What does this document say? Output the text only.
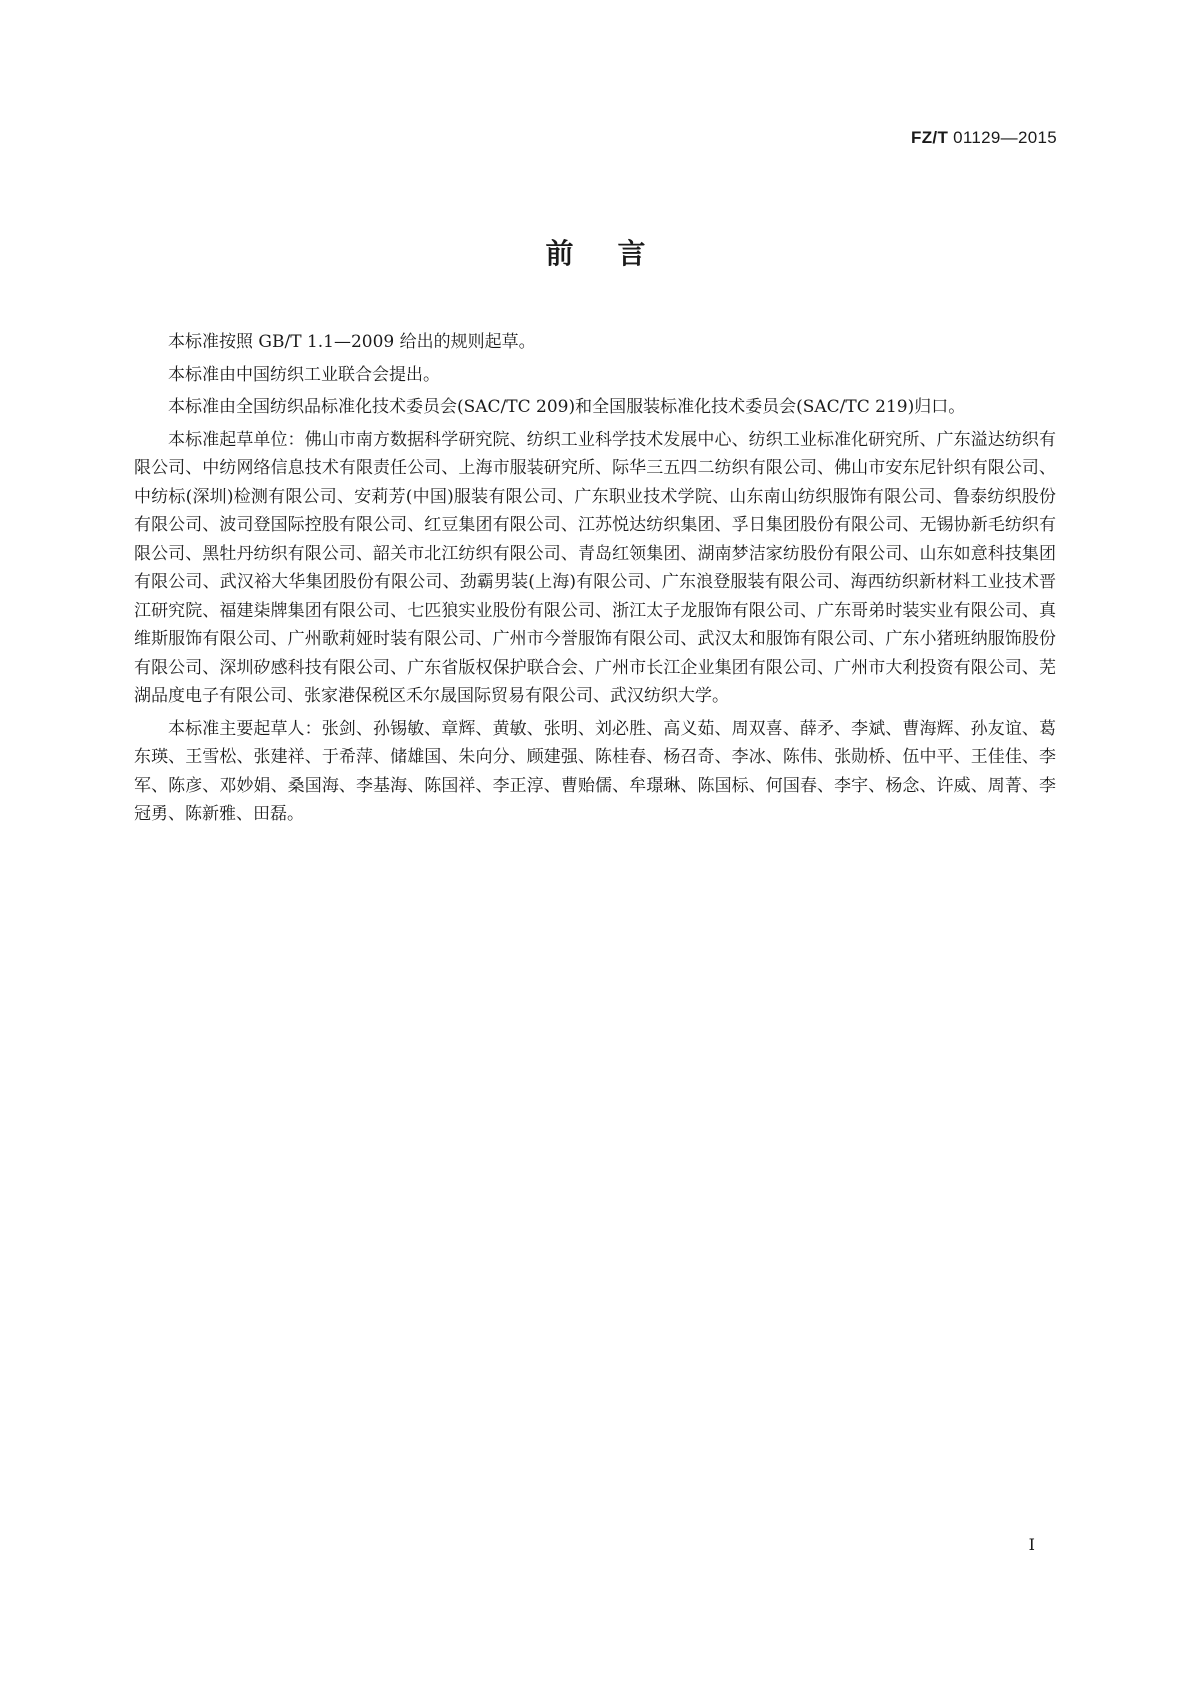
FZ/T 01129—2015
前言

本标准按照 GB/T 1.1—2009 给出的规则起草。

本标准由中国纺织工业联合会提出。

本标准由全国纺织品标准化技术委员会(SAC/TC 209)和全国服装标准化技术委员会(SAC/TC 219)归口。

本标准起草单位：佛山市南方数据科学研究院、纺织工业科学技术发展中心、纺织工业标准化研究所、广东溢达纺织有限公司、中纺网络信息技术有限责任公司、上海市服装研究所、际华三五四二纺织有限公司、佛山市安东尼针织有限公司、中纺标(深圳)检测有限公司、安莉芳(中国)服装有限公司、广东职业技术学院、山东南山纺织服饰有限公司、鲁泰纺织股份有限公司、波司登国际控股有限公司、红豆集团有限公司、江苏悦达纺织集团、孚日集团股份有限公司、无锡协新毛纺织有限公司、黑牡丹纺织有限公司、韶关市北江纺织有限公司、青岛红领集团、湖南梦洁家纺股份有限公司、山东如意科技集团有限公司、武汉裕大华集团股份有限公司、劲霸男装(上海)有限公司、广东浪登服装有限公司、海西纺织新材料工业技术晋江研究院、福建柒牌集团有限公司、七匹狼实业股份有限公司、浙江太子龙服饰有限公司、广东哥弟时装实业有限公司、真维斯服饰有限公司、广州歌莉娅时装有限公司、广州市今誉服饰有限公司、武汉太和服饰有限公司、广东小猪班纳服饰股份有限公司、深圳矽感科技有限公司、广东省版权保护联合会、广州市长江企业集团有限公司、广州市大利投资有限公司、芜湖品度电子有限公司、张家港保税区禾尔晟国际贸易有限公司、武汉纺织大学。

本标准主要起草人：张剑、孙锡敏、章辉、黄敏、张明、刘必胜、高义茹、周双喜、薛矛、李斌、曹海辉、孙友谊、葛东瑛、王雪松、张建祥、于希萍、储雄国、朱向分、顾建强、陈桂春、杨召奇、李冰、陈伟、张勋桥、伍中平、王佳佳、李军、陈彦、邓妙娟、桑国海、李基海、陈国祥、李正淳、曹贻儒、牟璟琳、陈国标、何国春、李宇、杨念、许威、周菁、李冠勇、陈新雅、田磊。

I
